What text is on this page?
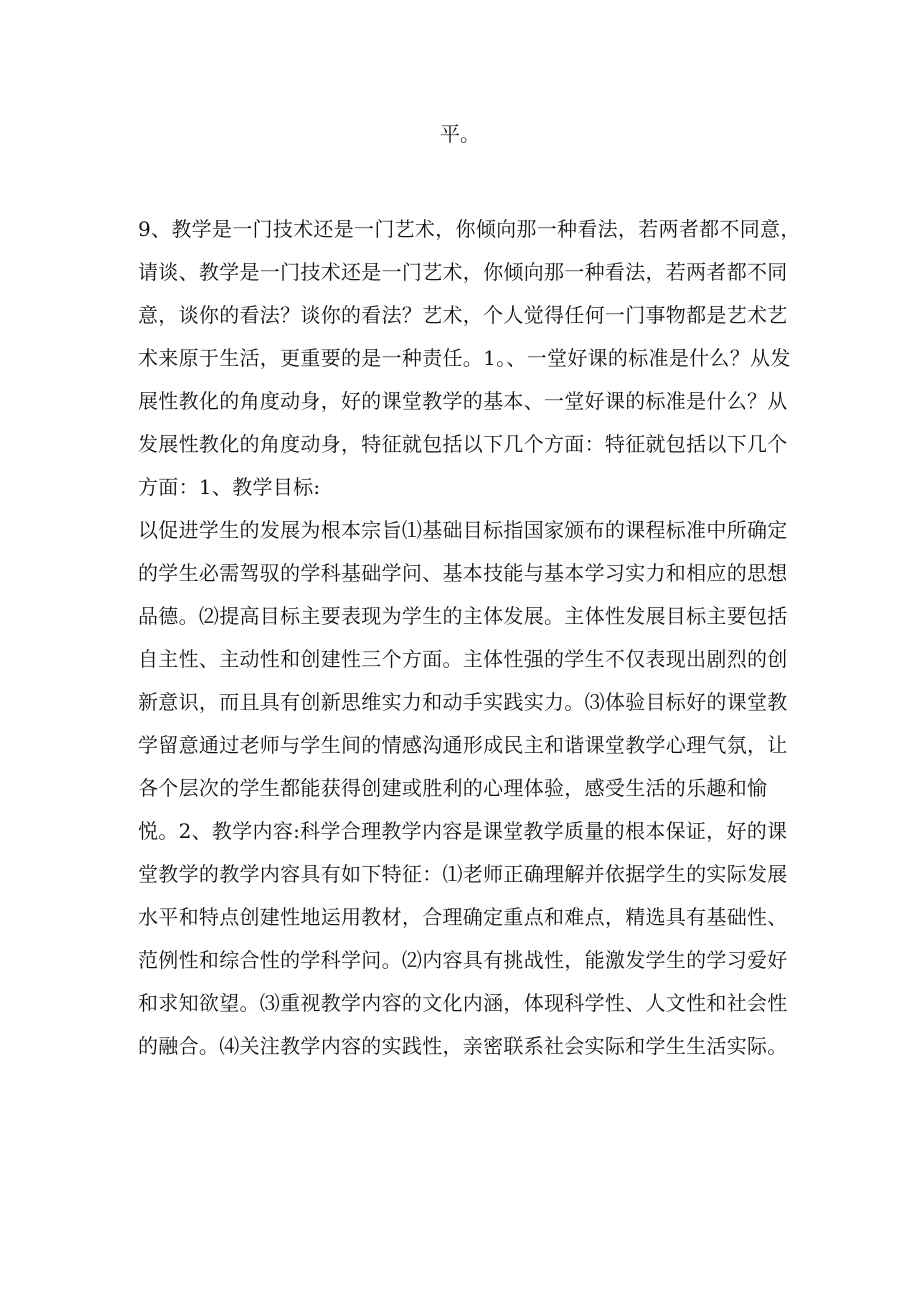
平。
9、教学是一门技术还是一门艺术，你倾向那一种看法，若两者都不同意，
请谈、教学是一门技术还是一门艺术，你倾向那一种看法，若两者都不同
意，谈你的看法？谈你的看法？艺术，个人觉得任何一门事物都是艺术艺
术来原于生活，更重要的是一种责任。1。、一堂好课的标准是什么？从发
展性教化的角度动身，好的课堂教学的基本、一堂好课的标准是什么？从
发展性教化的角度动身，特征就包括以下几个方面：特征就包括以下几个
方面：1、教学目标:
以促进学生的发展为根本宗旨⑴基础目标指国家颁布的课程标准中所确定
的学生必需驾驭的学科基础学问、基本技能与基本学习实力和相应的思想
品德。⑵提高目标主要表现为学生的主体发展。主体性发展目标主要包括
自主性、主动性和创建性三个方面。主体性强的学生不仅表现出剧烈的创
新意识，而且具有创新思维实力和动手实践实力。⑶体验目标好的课堂教
学留意通过老师与学生间的情感沟通形成民主和谐课堂教学心理气氛，让
各个层次的学生都能获得创建或胜利的心理体验，感受生活的乐趣和愉
悦。2、教学内容:科学合理教学内容是课堂教学质量的根本保证，好的课
堂教学的教学内容具有如下特征：⑴老师正确理解并依据学生的实际发展
水平和特点创建性地运用教材，合理确定重点和难点，精选具有基础性、
范例性和综合性的学科学问。⑵内容具有挑战性，能激发学生的学习爱好
和求知欲望。⑶重视教学内容的文化内涵，体现科学性、人文性和社会性
的融合。⑷关注教学内容的实践性，亲密联系社会实际和学生生活实际。
